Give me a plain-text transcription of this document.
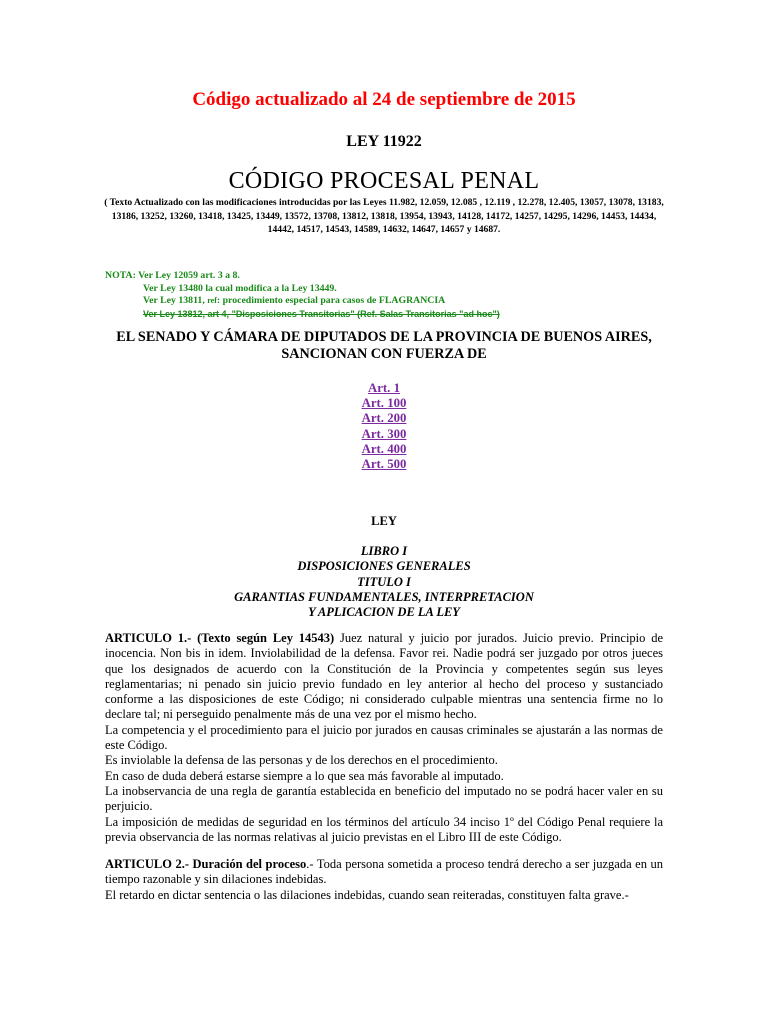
Código actualizado al 24 de septiembre de 2015
LEY 11922
CÓDIGO PROCESAL PENAL
( Texto Actualizado con las modificaciones introducidas por las Leyes 11.982, 12.059, 12.085 , 12.119 , 12.278, 12.405, 13057, 13078, 13183, 13186, 13252, 13260, 13418, 13425, 13449, 13572, 13708, 13812, 13818, 13954, 13943, 14128, 14172, 14257, 14295, 14296, 14453, 14434, 14442, 14517, 14543, 14589, 14632, 14647, 14657 y 14687.
NOTA: Ver Ley 12059 art. 3 a 8.
Ver Ley 13480 la cual modifica a la Ley 13449.
Ver Ley 13811, ref: procedimiento especial para casos de FLAGRANCIA
Ver Ley 13812, art 4, "Disposiciones Transitorias" (Ref. Salas Transitorias "ad hoc")
EL SENADO Y CÁMARA DE DIPUTADOS DE LA PROVINCIA DE BUENOS AIRES,
SANCIONAN CON FUERZA DE
Art. 1
Art. 100
Art. 200
Art. 300
Art. 400
Art. 500
LEY
LIBRO I
DISPOSICIONES GENERALES
TITULO I
GARANTIAS FUNDAMENTALES, INTERPRETACION
Y APLICACION DE LA LEY

ARTICULO 1.- (Texto según Ley 14543) Juez natural y juicio por jurados. Juicio previo. Principio de inocencia. Non bis in idem. Inviolabilidad de la defensa. Favor rei. Nadie podrá ser juzgado por otros jueces que los designados de acuerdo con la Constitución de la Provincia y competentes según sus leyes reglamentarias; ni penado sin juicio previo fundado en ley anterior al hecho del proceso y sustanciado conforme a las disposiciones de este Código; ni considerado culpable mientras una sentencia firme no lo declare tal; ni perseguido penalmente más de una vez por el mismo hecho.

La competencia y el procedimiento para el juicio por jurados en causas criminales se ajustarán a las normas de este Código.

Es inviolable la defensa de las personas y de los derechos en el procedimiento.

En caso de duda deberá estarse siempre a lo que sea más favorable al imputado.

La inobservancia de una regla de garantía establecida en beneficio del imputado no se podrá hacer valer en su perjuicio.

La imposición de medidas de seguridad en los términos del artículo 34 inciso 1º del Código Penal requiere la previa observancia de las normas relativas al juicio previstas en el Libro III de este Código.

ARTICULO 2.- Duración del proceso.- Toda persona sometida a proceso tendrá derecho a ser juzgada en un tiempo razonable y sin dilaciones indebidas.

El retardo en dictar sentencia o las dilaciones indebidas, cuando sean reiteradas, constituyen falta grave.-
